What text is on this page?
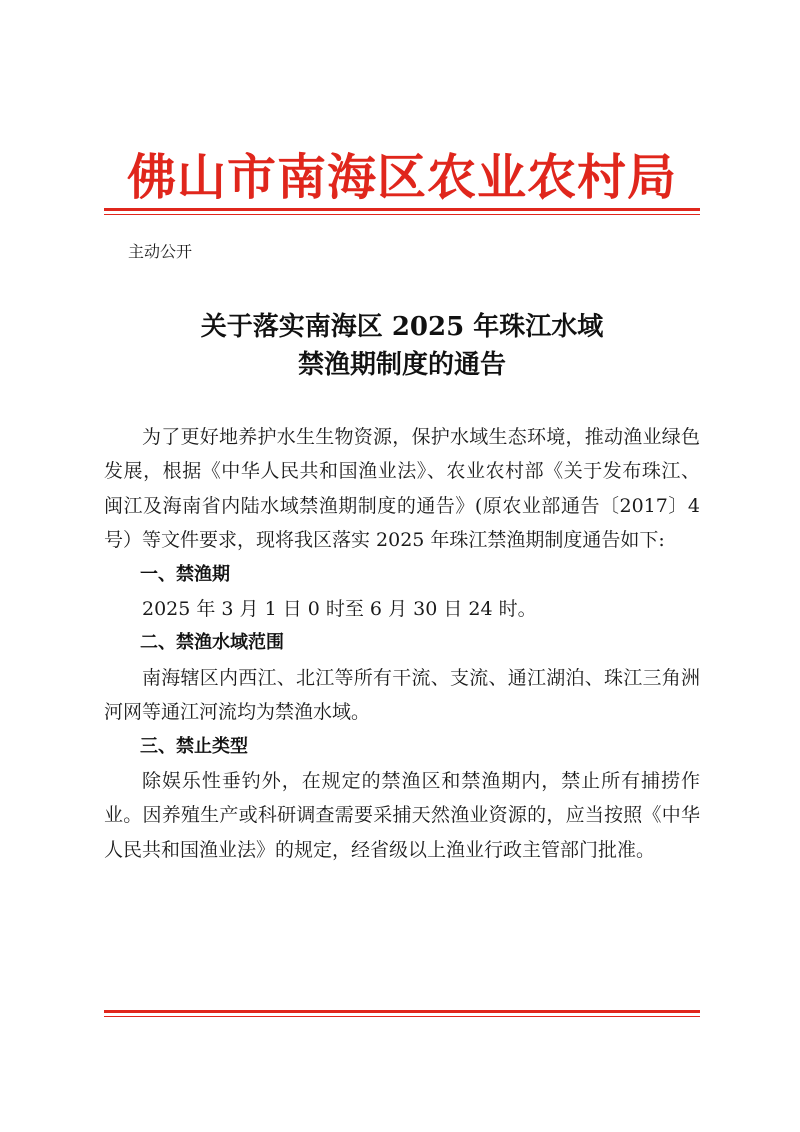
佛山市南海区农业农村局
主动公开
关于落实南海区 2025 年珠江水域
禁渔期制度的通告

为了更好地养护水生生物资源，保护水域生态环境，推动渔业绿色发展，根据《中华人民共和国渔业法》、农业农村部《关于发布珠江、闽江及海南省内陆水域禁渔期制度的通告》(原农业部通告〔2017〕4 号）等文件要求，现将我区落实 2025 年珠江禁渔期制度通告如下:

一、禁渔期

2025 年 3 月 1 日 0 时至 6 月 30 日 24 时。

二、禁渔水域范围

南海辖区内西江、北江等所有干流、支流、通江湖泊、珠江三角洲河网等通江河流均为禁渔水域。

三、禁止类型

除娱乐性垂钓外，在规定的禁渔区和禁渔期内，禁止所有捕捞作业。因养殖生产或科研调查需要采捕天然渔业资源的，应当按照《中华人民共和国渔业法》的规定，经省级以上渔业行政主管部门批准。
